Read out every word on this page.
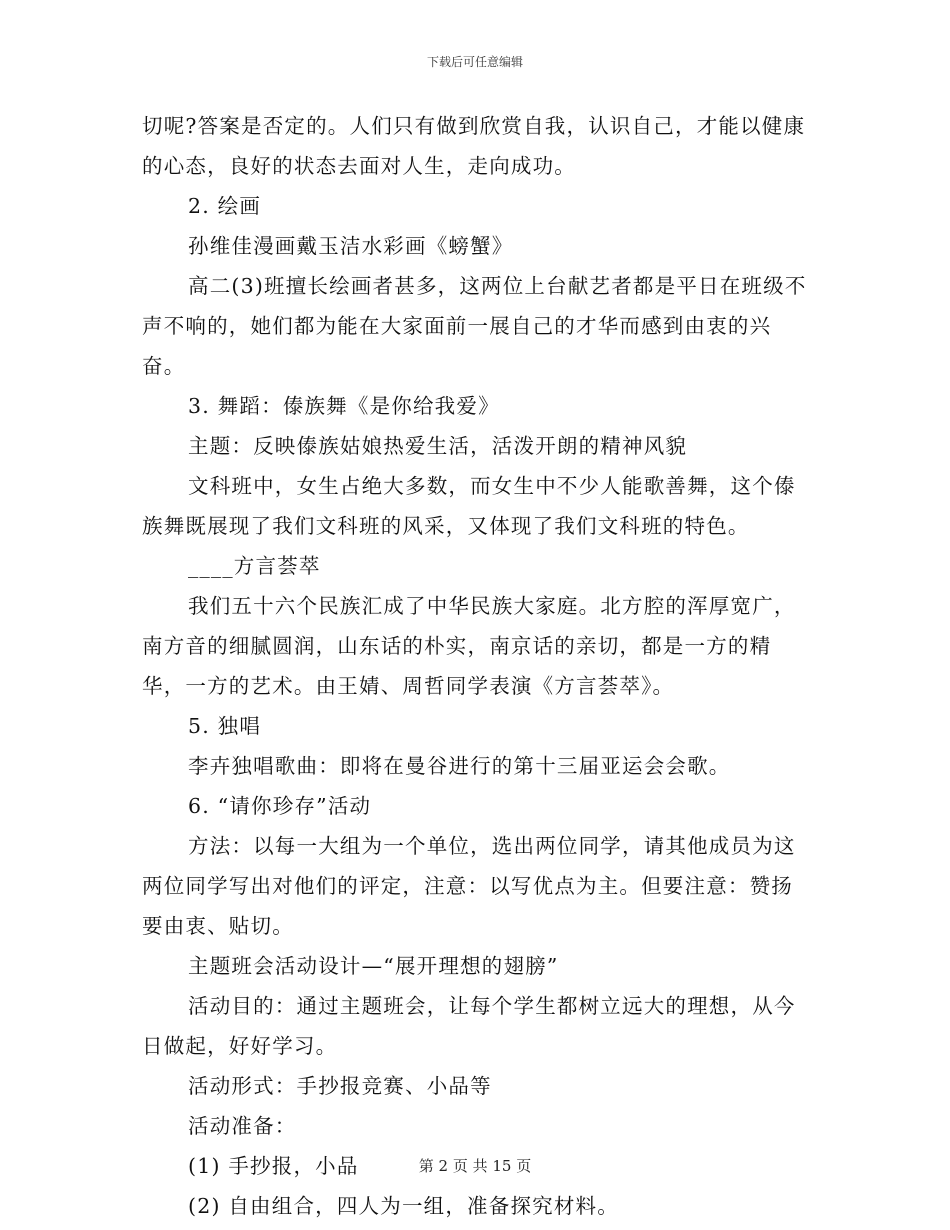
下载后可任意编辑

切呢?答案是否定的。人们只有做到欣赏自我，认识自己，才能以健康的心态，良好的状态去面对人生，走向成功。

2. 绘画

孙维佳漫画戴玉洁水彩画《螃蟹》

高二(3)班擅长绘画者甚多，这两位上台献艺者都是平日在班级不声不响的，她们都为能在大家面前一展自己的才华而感到由衷的兴奋。

3. 舞蹈：傣族舞《是你给我爱》

主题：反映傣族姑娘热爱生活，活泼开朗的精神风貌

文科班中，女生占绝大多数，而女生中不少人能歌善舞，这个傣族舞既展现了我们文科班的风采，又体现了我们文科班的特色。

____方言荟萃

我们五十六个民族汇成了中华民族大家庭。北方腔的浑厚宽广，南方音的细腻圆润，山东话的朴实，南京话的亲切，都是一方的精华，一方的艺术。由王婧、周哲同学表演《方言荟萃》。

5. 独唱

李卉独唱歌曲：即将在曼谷进行的第十三届亚运会会歌。

6. “请你珍存”活动

方法：以每一大组为一个单位，选出两位同学，请其他成员为这两位同学写出对他们的评定，注意：以写优点为主。但要注意：赞扬要由衷、贴切。

主题班会活动设计—“展开理想的翅膀”

活动目的：通过主题班会，让每个学生都树立远大的理想，从今日做起，好好学习。

活动形式：手抄报竞赛、小品等

活动准备：

(1) 手抄报，小品

(2) 自由组合，四人为一组，准备探究材料。

第 2 页 共 15 页
